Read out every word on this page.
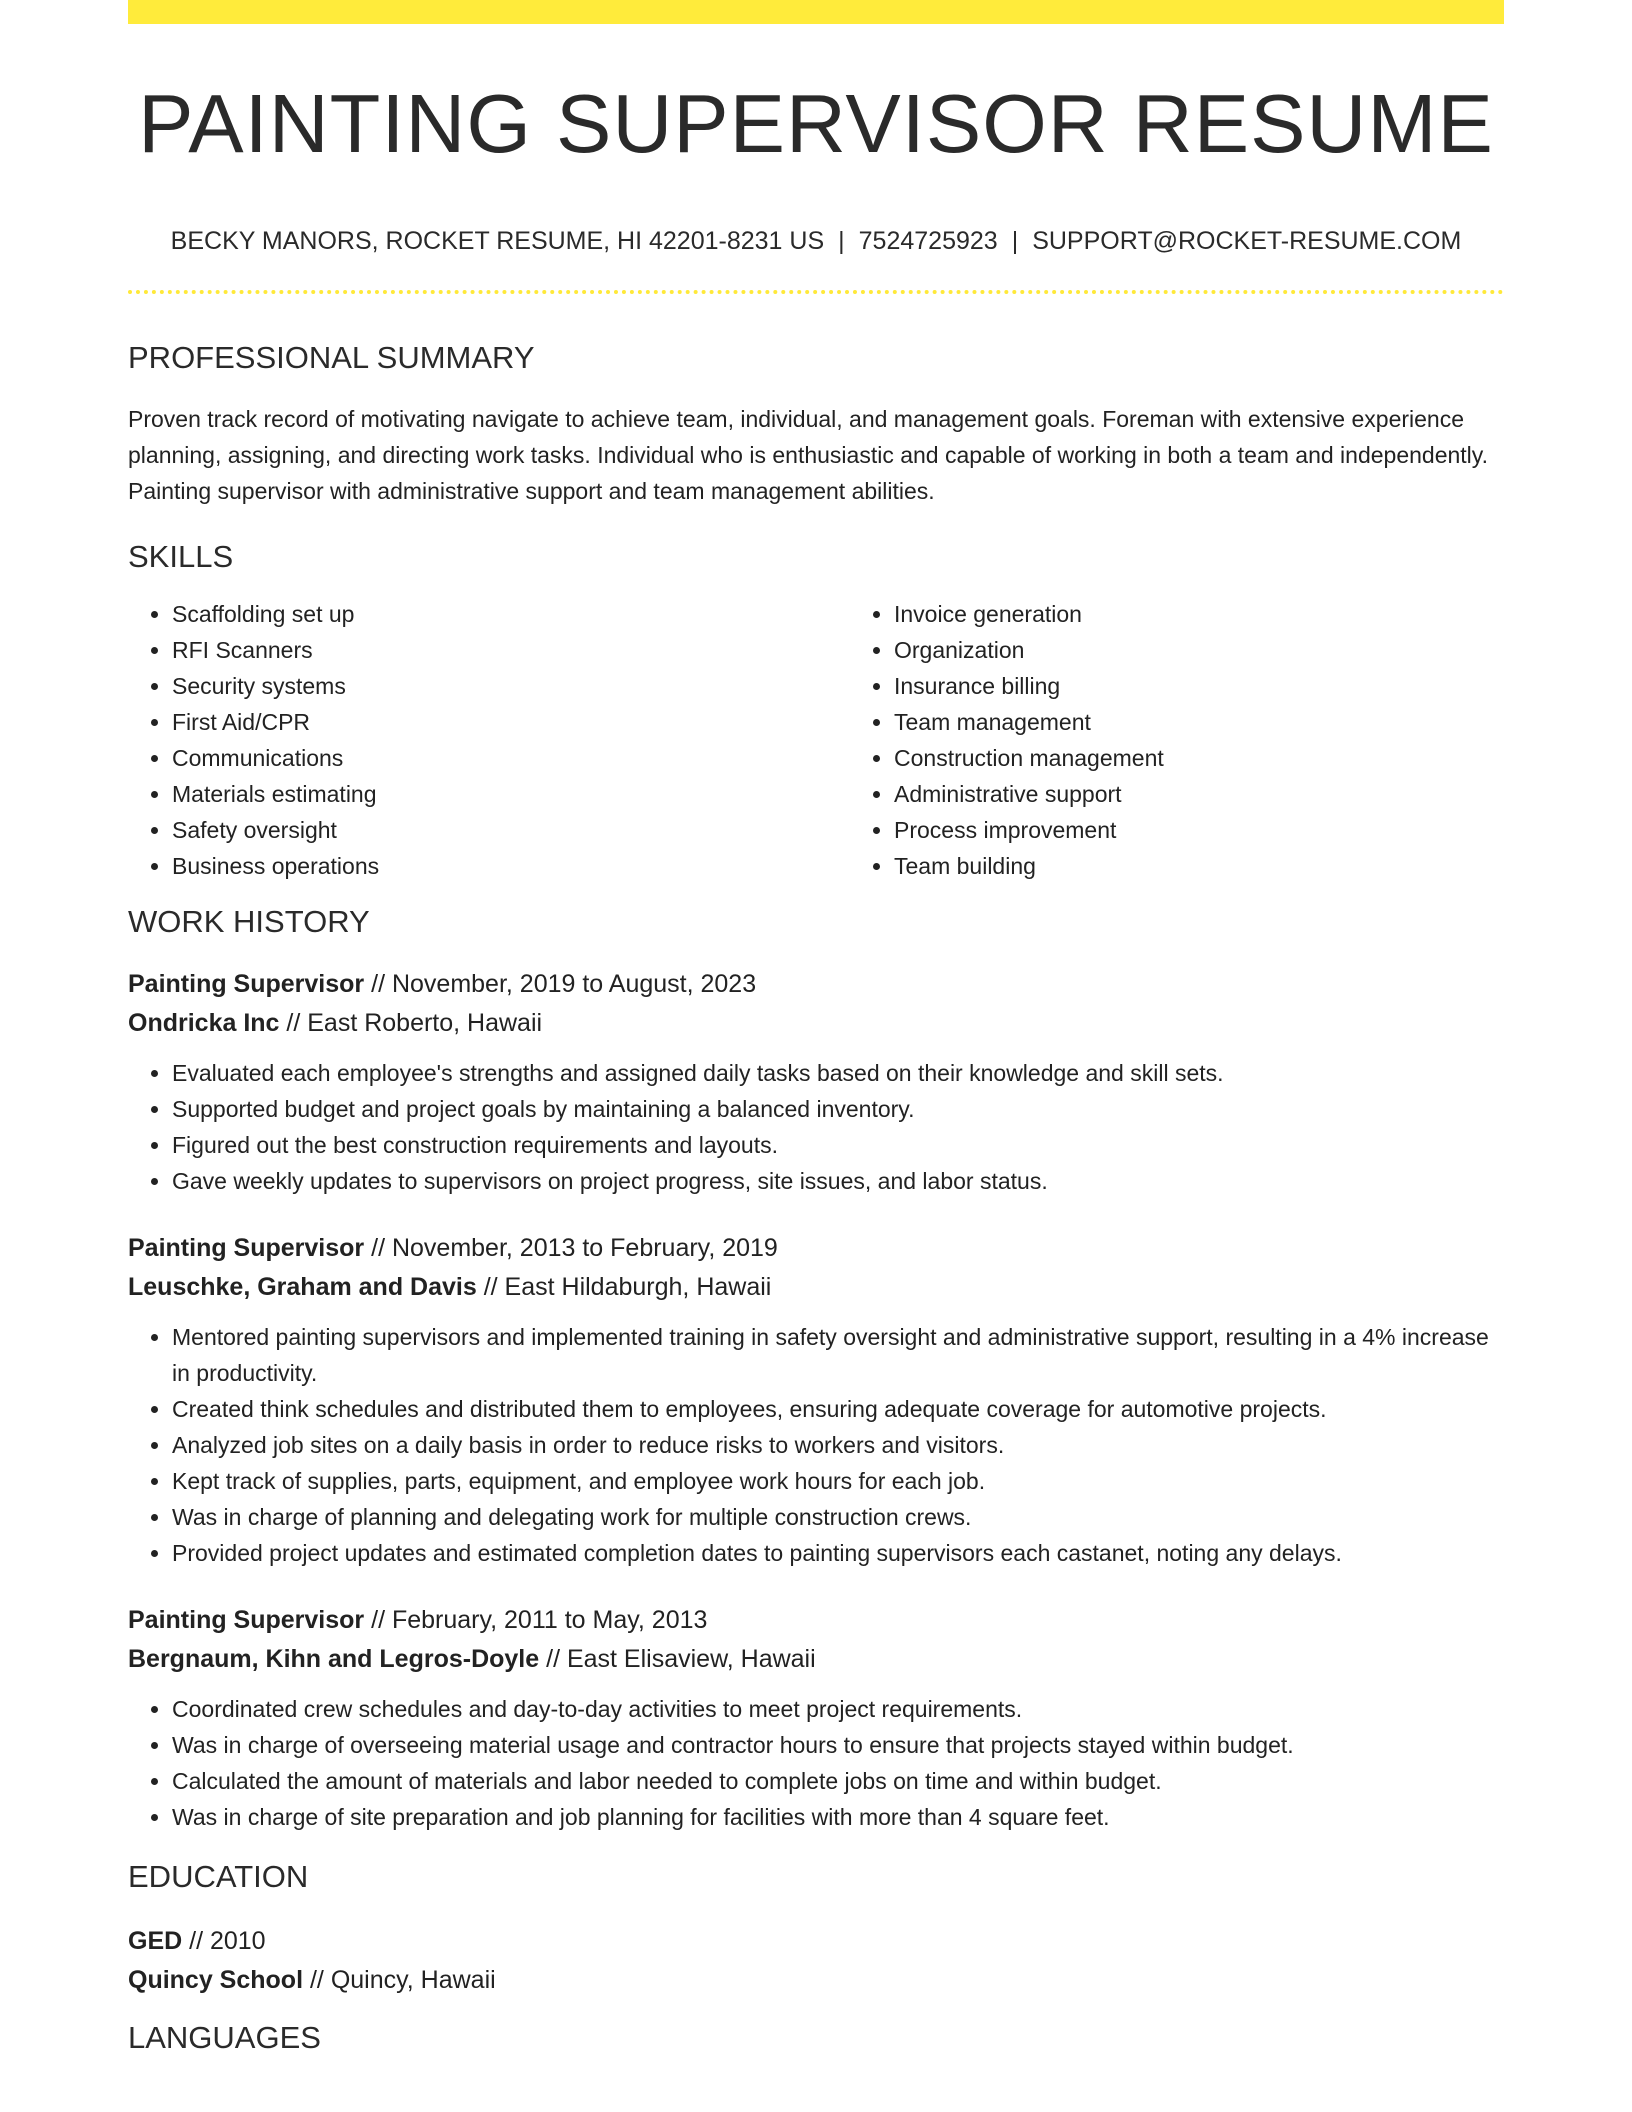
PAINTING SUPERVISOR RESUME
BECKY MANORS, ROCKET RESUME, HI 42201-8231 US | 7524725923 | SUPPORT@ROCKET-RESUME.COM
PROFESSIONAL SUMMARY
Proven track record of motivating navigate to achieve team, individual, and management goals. Foreman with extensive experience planning, assigning, and directing work tasks. Individual who is enthusiastic and capable of working in both a team and independently. Painting supervisor with administrative support and team management abilities.
SKILLS
• Scaffolding set up
• RFI Scanners
• Security systems
• First Aid/CPR
• Communications
• Materials estimating
• Safety oversight
• Business operations
• Invoice generation
• Organization
• Insurance billing
• Team management
• Construction management
• Administrative support
• Process improvement
• Team building
WORK HISTORY
Painting Supervisor // November, 2019 to August, 2023
Ondricka Inc // East Roberto, Hawaii
• Evaluated each employee's strengths and assigned daily tasks based on their knowledge and skill sets.
• Supported budget and project goals by maintaining a balanced inventory.
• Figured out the best construction requirements and layouts.
• Gave weekly updates to supervisors on project progress, site issues, and labor status.
Painting Supervisor // November, 2013 to February, 2019
Leuschke, Graham and Davis // East Hildaburgh, Hawaii
• Mentored painting supervisors and implemented training in safety oversight and administrative support, resulting in a 4% increase in productivity.
• Created think schedules and distributed them to employees, ensuring adequate coverage for automotive projects.
• Analyzed job sites on a daily basis in order to reduce risks to workers and visitors.
• Kept track of supplies, parts, equipment, and employee work hours for each job.
• Was in charge of planning and delegating work for multiple construction crews.
• Provided project updates and estimated completion dates to painting supervisors each castanet, noting any delays.
Painting Supervisor // February, 2011 to May, 2013
Bergnaum, Kihn and Legros-Doyle // East Elisaview, Hawaii
• Coordinated crew schedules and day-to-day activities to meet project requirements.
• Was in charge of overseeing material usage and contractor hours to ensure that projects stayed within budget.
• Calculated the amount of materials and labor needed to complete jobs on time and within budget.
• Was in charge of site preparation and job planning for facilities with more than 4 square feet.
EDUCATION
GED // 2010
Quincy School // Quincy, Hawaii
LANGUAGES
